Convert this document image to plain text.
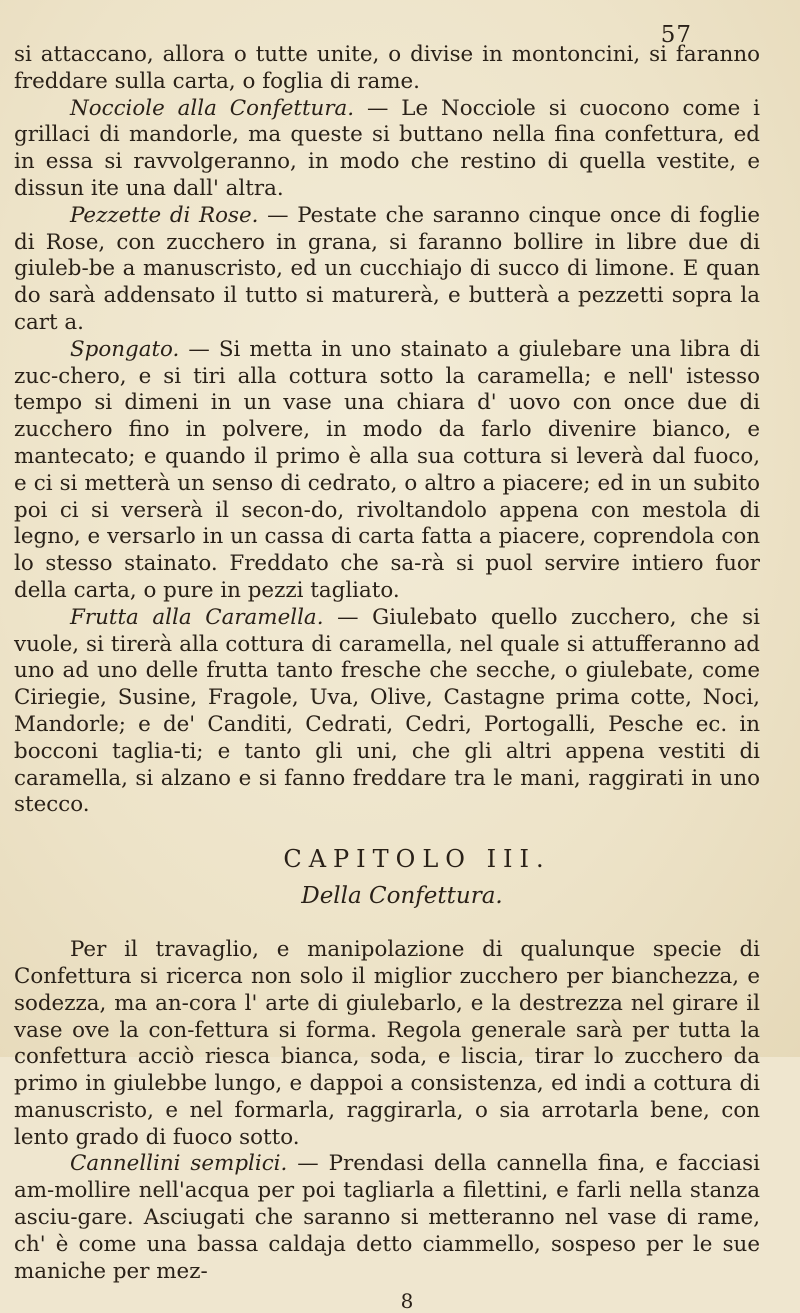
57

si attaccano, allora o tutte unite, o divise in montoncini, si faranno freddare sulla carta, o foglia di rame.

Nocciole alla Confettura. — Le Nocciole si cuocono come i grillaci di mandorle, ma queste si buttano nella fina confettura, ed in essa si ravvolgeranno, in modo che restino di quella vestite, e dissun ite una dall' altra.

Pezzette di Rose. — Pestate che saranno cinque once di foglie di Rose, con zucchero in grana, si faranno bollire in libre due di giuleb-be a manuscristo, ed un cucchiajo di succo di limone. E quan do sarà addensato il tutto si maturerà, e butterà a pezzetti sopra la cart a.

Spongato. — Si metta in uno stainato a giulebare una libra di zuc-chero, e si tiri alla cottura sotto la caramella; e nell' istesso tempo si dimeni in un vase una chiara d' uovo con once due di zucchero fino in polvere, in modo da farlo divenire bianco, e mantecato; e quando il primo è alla sua cottura si leverà dal fuoco, e ci si metterà un senso di cedrato, o altro a piacere; ed in un subito poi ci si verserà il secon-do, rivoltandolo appena con mestola di legno, e versarlo in un cassa di carta fatta a piacere, coprendola con lo stesso stainato. Freddato che sa-rà si puol servire intiero fuor della carta, o pure in pezzi tagliato.

Frutta alla Caramella. — Giulebato quello zucchero, che si vuole, si tirerà alla cottura di caramella, nel quale si attufferanno ad uno ad uno delle frutta tanto fresche che secche, o giulebate, come Ciriegie, Susine, Fragole, Uva, Olive, Castagne prima cotte, Noci, Mandorle; e de' Canditi, Cedrati, Cedri, Portogalli, Pesche ec. in bocconi taglia-ti; e tanto gli uni, che gli altri appena vestiti di caramella, si alzano e si fanno freddare tra le mani, raggirati in uno stecco.

CAPITOLO III.
Della Confettura.

Per il travaglio, e manipolazione di qualunque specie di Confettura si ricerca non solo il miglior zucchero per bianchezza, e sodezza, ma an-cora l' arte di giulebarlo, e la destrezza nel girare il vase ove la con-fettura si forma. Regola generale sarà per tutta la confettura acciò riesca bianca, soda, e liscia, tirar lo zucchero da primo in giulebbe lungo, e dappoi a consistenza, ed indi a cottura di manuscristo, e nel formarla, raggirarla, o sia arrotarla bene, con lento grado di fuoco sotto.

Cannellini semplici. — Prendasi della cannella fina, e facciasi am-mollire nell'acqua per poi tagliarla a filettini, e farli nella stanza asciu-gare. Asciugati che saranno si metteranno nel vase di rame, ch' è come una bassa caldaja detto ciammello, sospeso per le sue maniche per mez-

8
